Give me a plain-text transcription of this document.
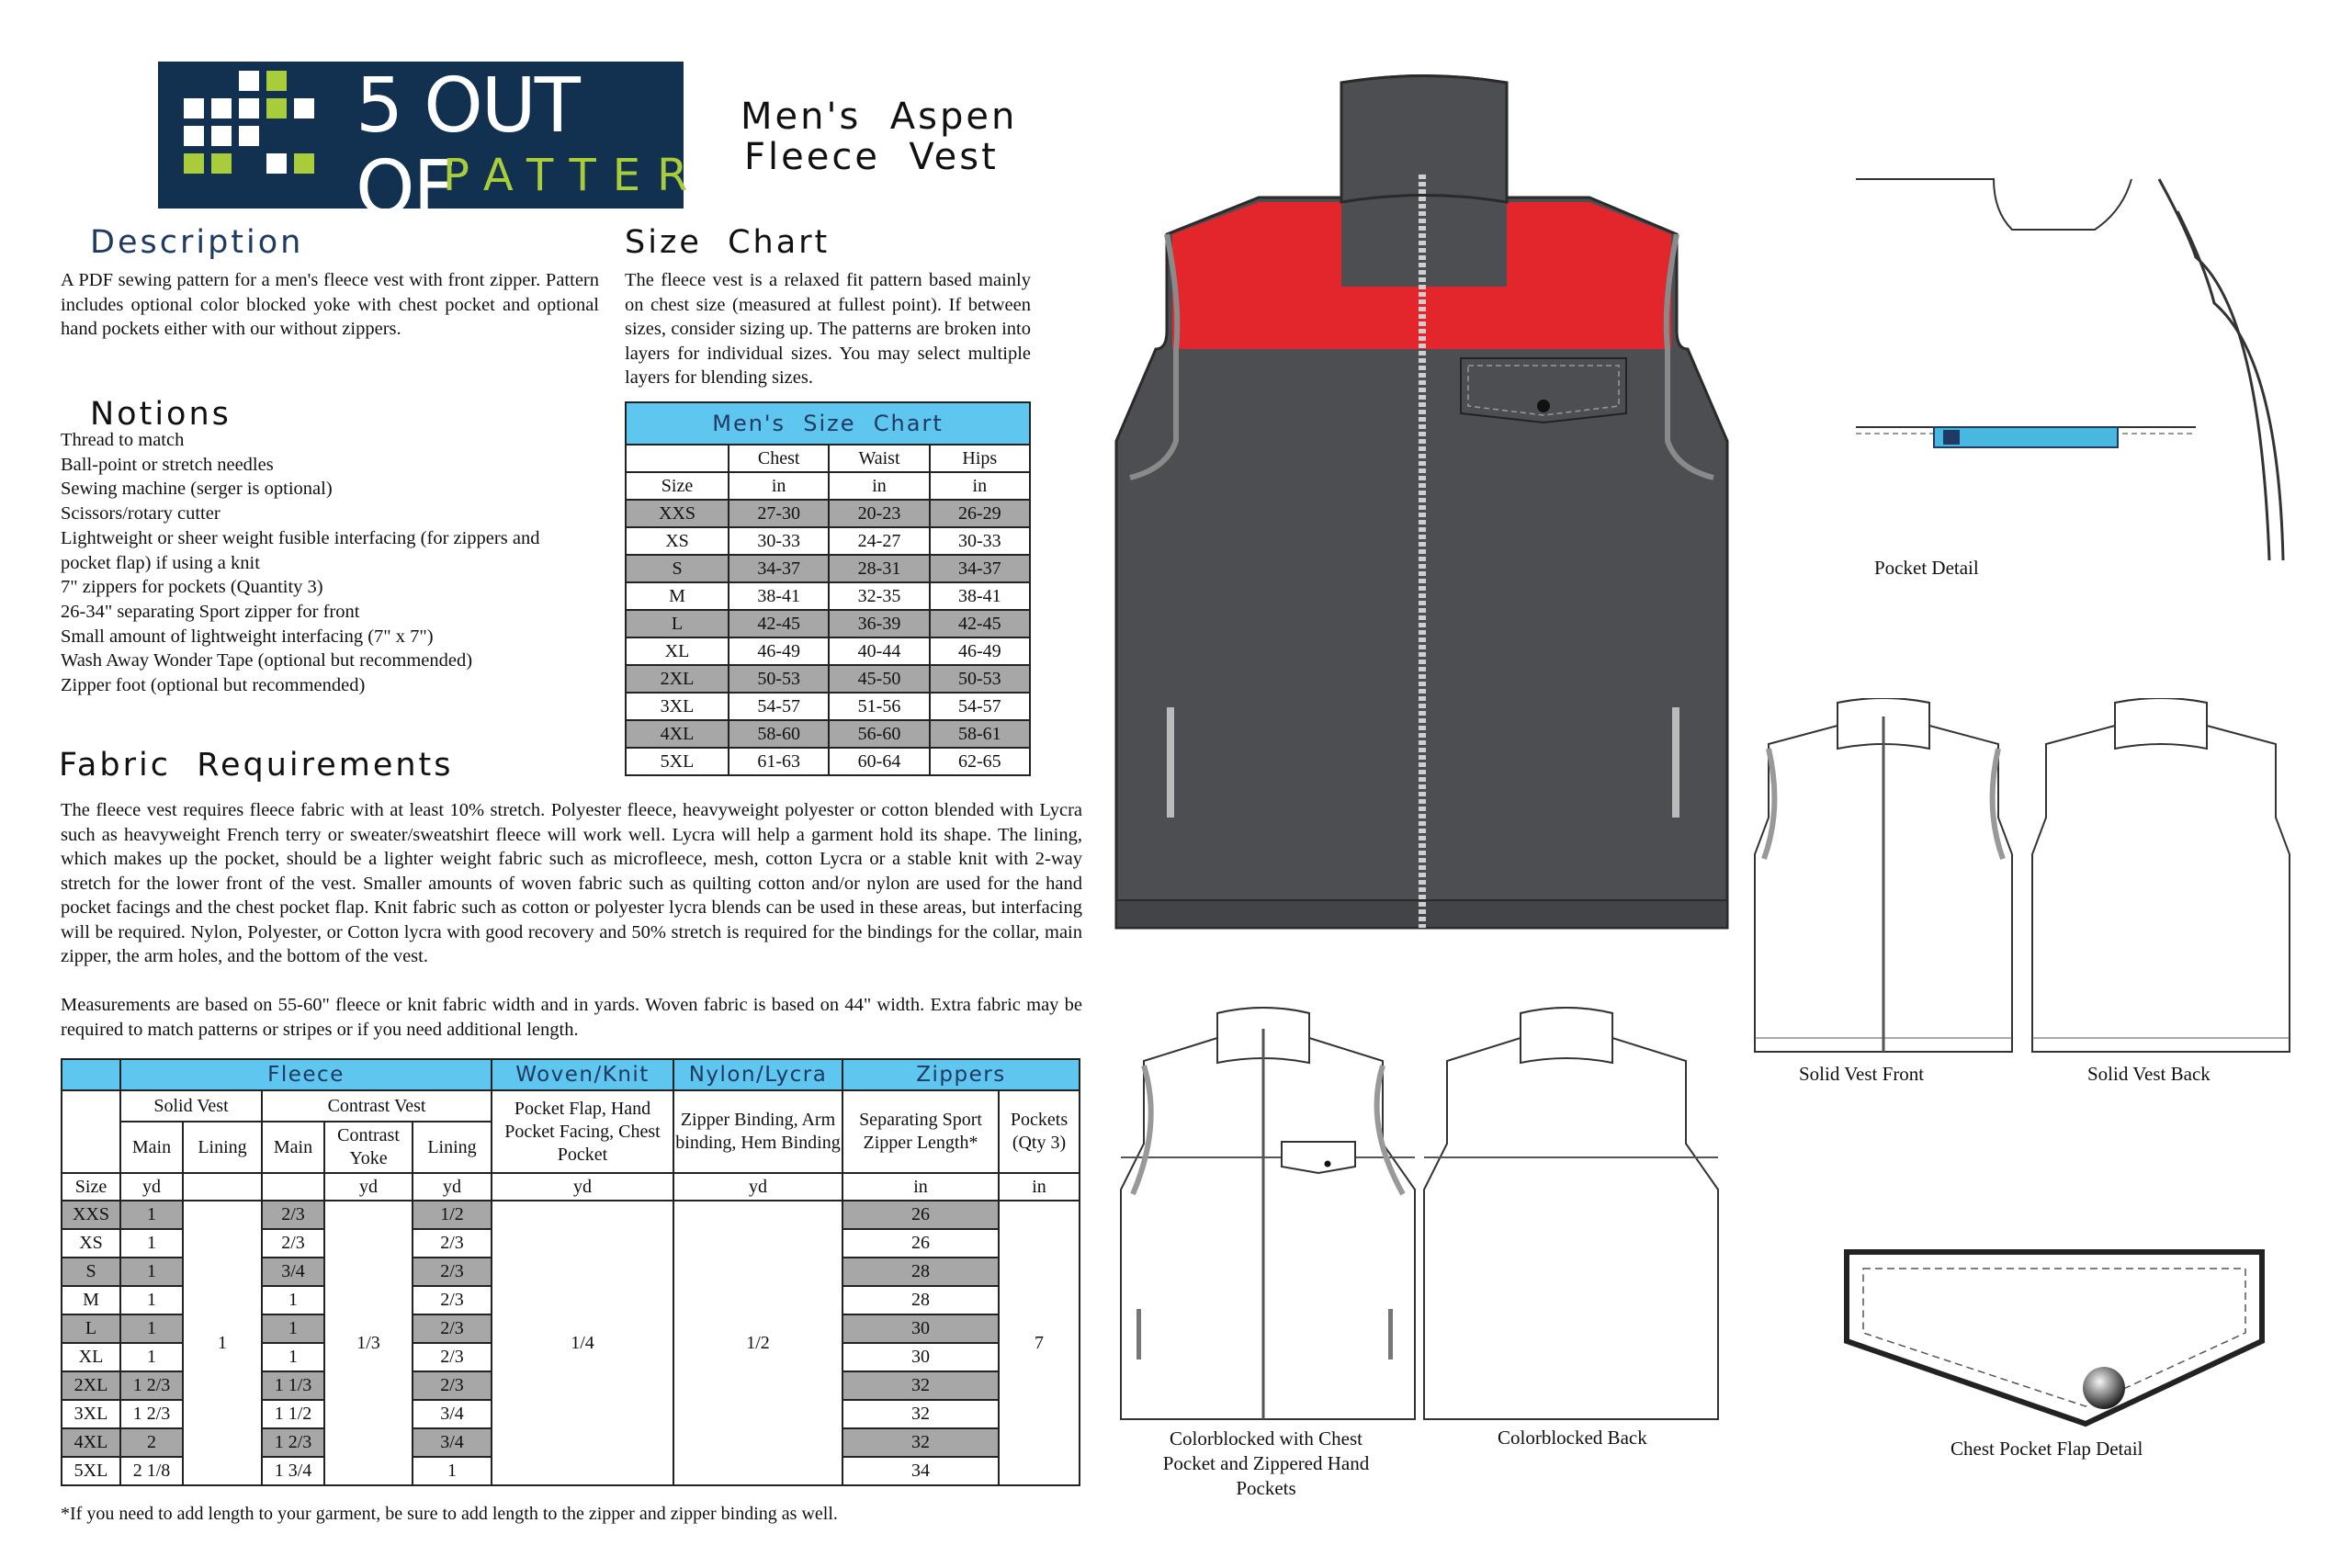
5 OUT OF
PATTER
Men's  Aspen
Fleece  Vest
Description
A PDF sewing pattern for a men's fleece vest with front zipper. Pattern includes optional color blocked yoke with chest pocket and optional hand pockets either with our without zippers.
Notions
Thread to match
Ball-point or stretch needles
Sewing machine (serger is optional)
Scissors/rotary cutter
Lightweight or sheer weight fusible interfacing (for zippers and
pocket flap) if using a knit
7" zippers for pockets (Quantity 3)
26-34" separating Sport zipper for front
Small amount of lightweight interfacing (7" x 7")
Wash Away Wonder Tape (optional but recommended)
Zipper foot (optional but recommended)
Size  Chart
The fleece vest is a relaxed fit pattern based mainly on chest size (measured at fullest point). If between sizes, consider sizing up. The patterns are broken into layers for individual sizes. You may select multiple layers for blending sizes.
Men's  Size  Chart			
	Chest	Waist	Hips
Size	in	in	in
XXS	27-30	20-23	26-29
XS	30-33	24-27	30-33
S	34-37	28-31	34-37
M	38-41	32-35	38-41
L	42-45	36-39	42-45
XL	46-49	40-44	46-49
2XL	50-53	45-50	50-53
3XL	54-57	51-56	54-57
4XL	58-60	56-60	58-61
5XL	61-63	60-64	62-65
Fabric  Requirements
The fleece vest requires fleece fabric with at least 10% stretch. Polyester fleece, heavyweight polyester or cotton blended with Lycra such as heavyweight French terry or sweater/sweatshirt fleece will work well. Lycra will help a garment hold its shape. The lining, which makes up the pocket, should be a lighter weight fabric such as microfleece, mesh, cotton Lycra or a stable knit with 2-way stretch for the lower front of the vest. Smaller amounts of woven fabric such as quilting cotton and/or nylon are used for the hand pocket facings and the chest pocket flap. Knit fabric such as cotton or polyester lycra blends can be used in these areas, but interfacing will be required. Nylon, Polyester, or Cotton lycra with good recovery and 50% stretch is required for the bindings for the collar, main zipper, the arm holes, and the bottom of the vest.
Measurements are based on 55-60" fleece or knit fabric width and in yards. Woven fabric is based on 44" width. Extra fabric may be required to match patterns or stripes or if you need additional length.
	Fleece					Woven/Knit	Nylon/Lycra	Zippers	
	Solid Vest		Contrast Vest			Pocket Flap, Hand Pocket Facing, Chest Pocket	Zipper Binding, Arm binding, Hem Binding	Separating Sport Zipper Length*	Pockets (Qty 3)
	Main	Lining	Main	Contrast Yoke	Lining				
Size	yd			yd	yd	yd	yd	in	in
XXS	1	1	2/3	1/3	1/2	1/4	1/2	26	7
XS	1		2/3		2/3			26	
S	1		3/4		2/3			28	
M	1		1		2/3			28	
L	1		1		2/3			30	
XL	1		1		2/3			30	
2XL	1 2/3		1 1/3		2/3			32	
3XL	1 2/3		1 1/2		3/4			32	
4XL	2		1 2/3		3/4			32	
5XL	2 1/8		1 3/4		1			34	
*If you need to add length to your garment, be sure to add length to the zipper and zipper binding as well.
Pocket Detail
Solid Vest Front	Solid Vest Back
Colorblocked with Chest Pocket and Zippered Hand Pockets
Colorblocked Back	Chest Pocket Flap Detail
